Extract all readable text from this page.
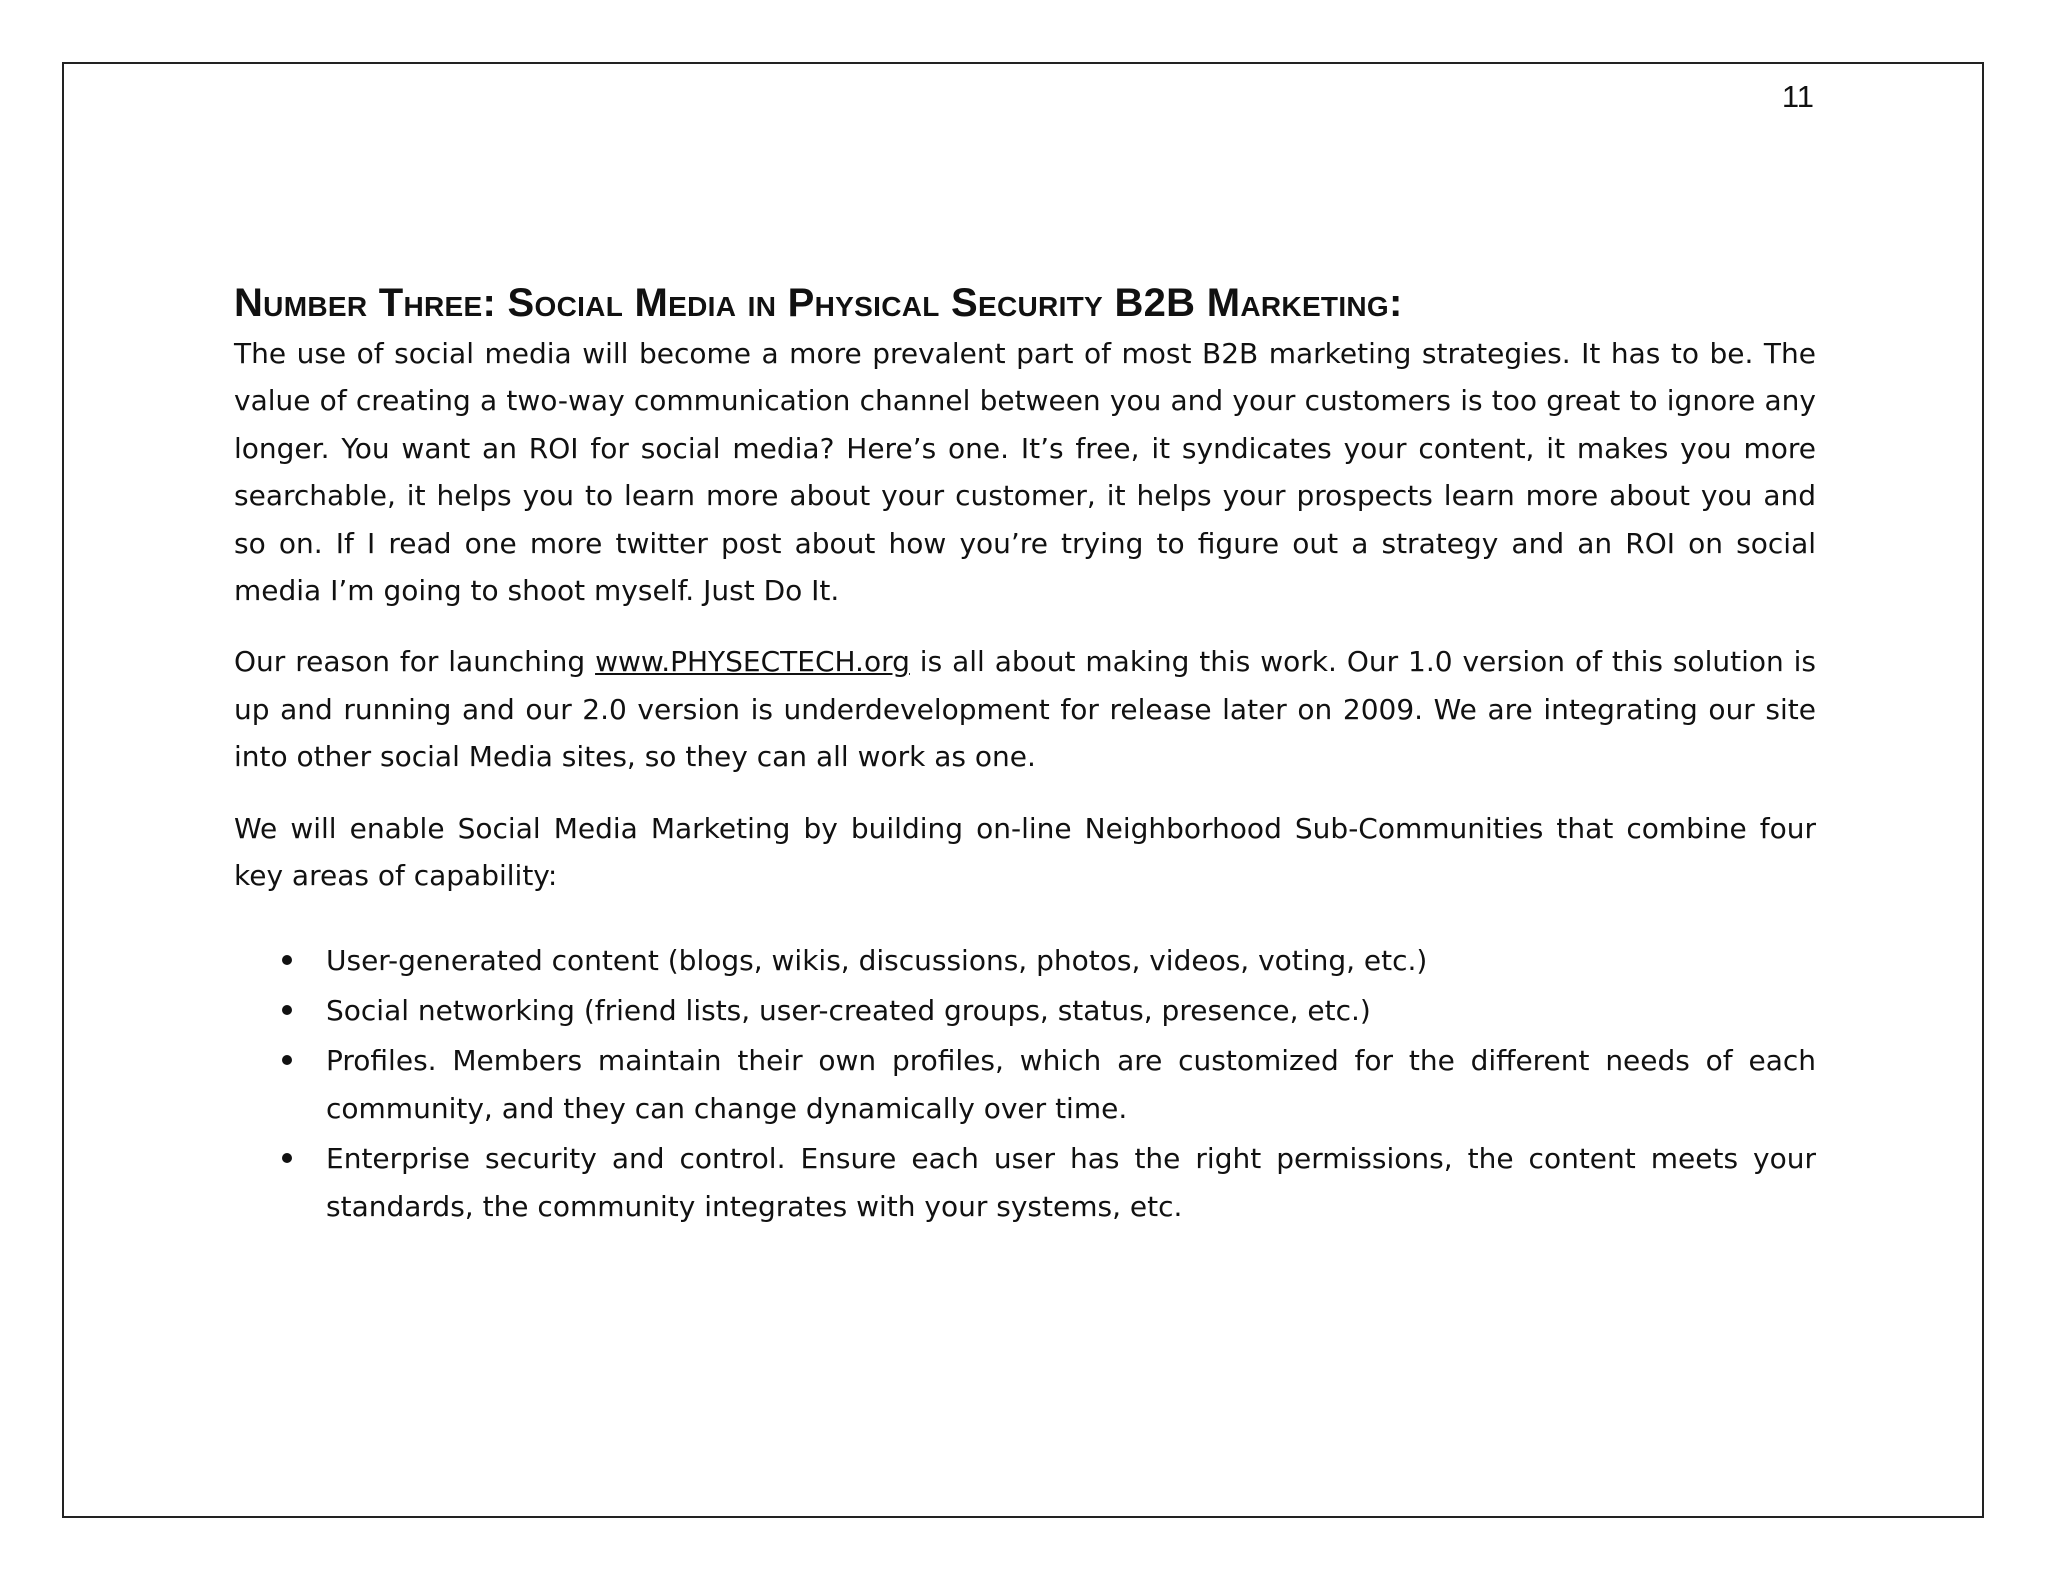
11
Number Three: Social Media in Physical Security B2B Marketing:

The use of social media will become a more prevalent part of most B2B marketing strategies. It has to be. The value of creating a two-way communication channel between you and your customers is too great to ignore any longer. You want an ROI for social media? Here’s one. It’s free, it syndicates your content, it makes you more searchable, it helps you to learn more about your customer, it helps your prospects learn more about you and so on. If I read one more twitter post about how you’re trying to figure out a strategy and an ROI on social media I’m going to shoot myself. Just Do It.

Our reason for launching www.PHYSECTECH.org is all about making this work. Our 1.0 version of this solution is up and running and our 2.0 version is underdevelopment for release later on 2009. We are integrating our site into other social Media sites, so they can all work as one.

We will enable Social Media Marketing by building on-line Neighborhood Sub-Communities that combine four key areas of capability:

User-generated content (blogs, wikis, discussions, photos, videos, voting, etc.)
Social networking (friend lists, user-created groups, status, presence, etc.)
Profiles. Members maintain their own profiles, which are customized for the different needs of each community, and they can change dynamically over time.
Enterprise security and control. Ensure each user has the right permissions, the content meets your standards, the community integrates with your systems, etc.
